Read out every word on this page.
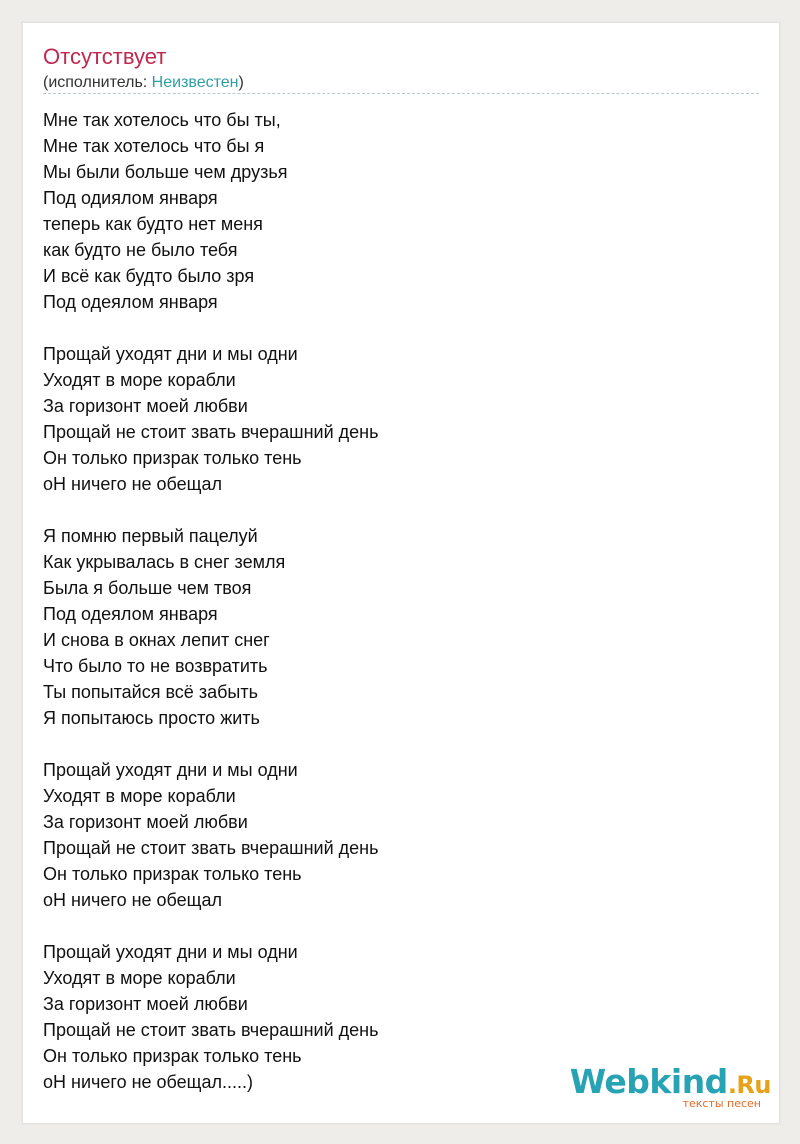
Отсутствует
(исполнитель: Неизвестен)
Мне так хотелось что бы ты,
Мне так хотелось что бы я
Мы были больше чем друзья
Под одиялом января
теперь как будто нет меня
как будто не было тебя
И всё как будто было зря
Под одеялом января
Прощай уходят дни и мы одни
Уходят в море корабли
За горизонт моей любви
Прощай не стоит звать вчерашний день
Он только призрак только тень
оН ничего не обещал
Я помню первый пацелуй
Как укрывалась в снег земля
Была я больше чем твоя
Под одеялом января
И снова в окнах лепит снег
Что было то не возвратить
Ты попытайся всё забыть
Я попытаюсь просто жить
Прощай уходят дни и мы одни
Уходят в море корабли
За горизонт моей любви
Прощай не стоит звать вчерашний день
Он только призрак только тень
оН ничего не обещал
Прощай уходят дни и мы одни
Уходят в море корабли
За горизонт моей любви
Прощай не стоит звать вчерашний день
Он только призрак только тень
оН ничего не обещал.....)	Webkind.Ru
тексты песен
